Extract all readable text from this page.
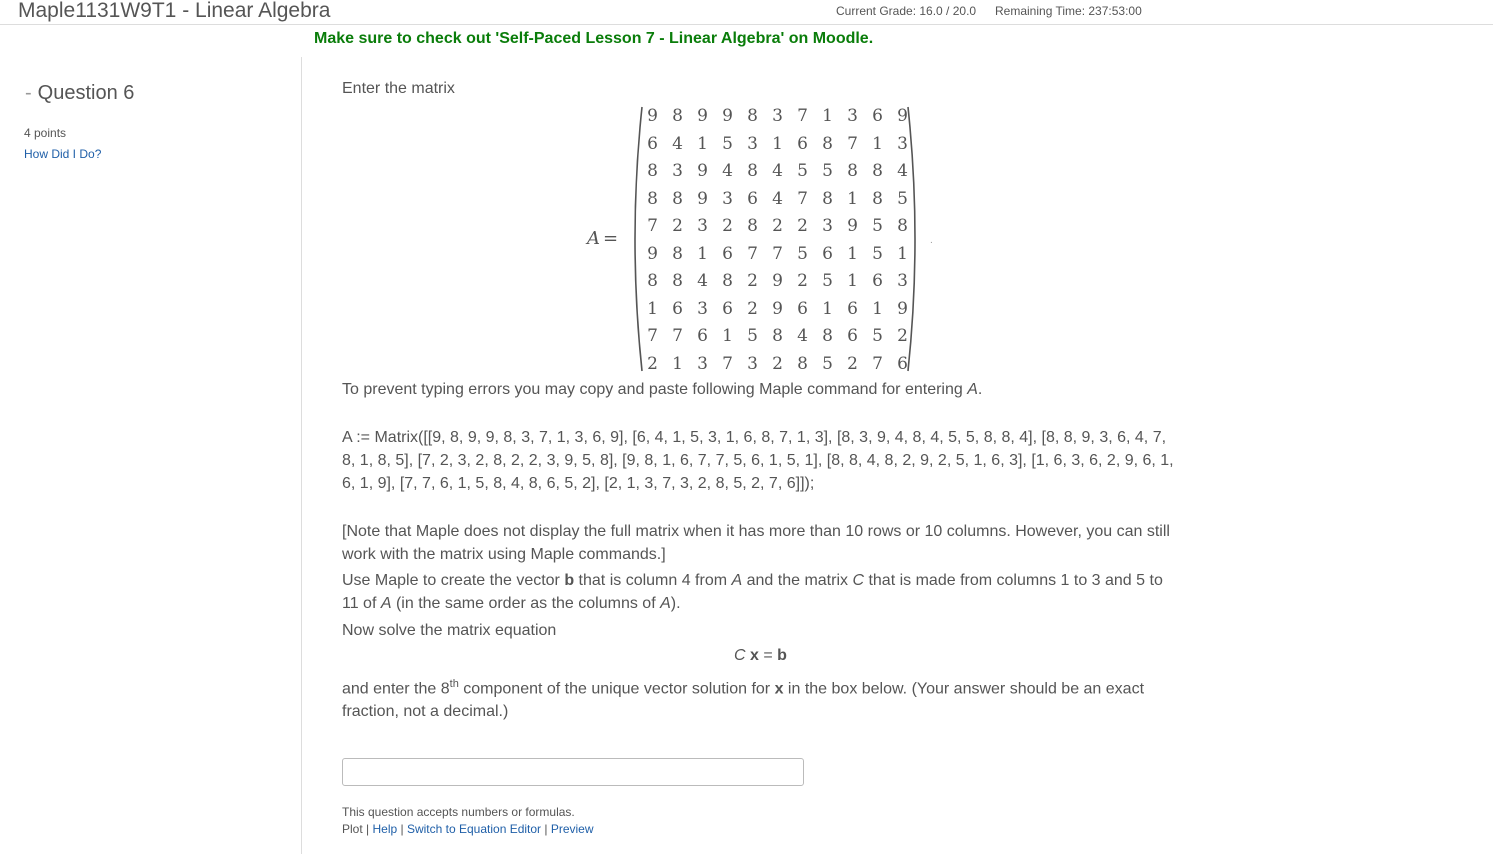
Maple1131W9T1 - Linear Algebra	Current Grade: 16.0 / 20.0 Remaining Time: 237:53:00
Make sure to check out 'Self-Paced Lesson 7 - Linear Algebra' on Moodle.
- Question 6
4 points
How Did I Do?
Enter the matrix
A =
9 8 9 9 8 3 7 1 3 6 9
6 4 1 5 3 1 6 8 7 1 3
8 3 9 4 8 4 5 5 8 8 4
8 8 9 3 6 4 7 8 1 8 5
7 2 3 2 8 2 2 3 9 5 8
9 8 1 6 7 7 5 6 1 5 1
8 8 4 8 2 9 2 5 1 6 3
1 6 3 6 2 9 6 1 6 1 9
7 7 6 1 5 8 4 8 6 5 2
2 1 3 7 3 2 8 5 2 7 6
.
To prevent typing errors you may copy and paste following Maple command for entering A.
A := Matrix([[9, 8, 9, 9, 8, 3, 7, 1, 3, 6, 9], [6, 4, 1, 5, 3, 1, 6, 8, 7, 1, 3], [8, 3, 9, 4, 8, 4, 5, 5, 8, 8, 4], [8, 8, 9, 3, 6, 4, 7, 8, 1, 8, 5], [7, 2, 3, 2, 8, 2, 2, 3, 9, 5, 8], [9, 8, 1, 6, 7, 7, 5, 6, 1, 5, 1], [8, 8, 4, 8, 2, 9, 2, 5, 1, 6, 3], [1, 6, 3, 6, 2, 9, 6, 1, 6, 1, 9], [7, 7, 6, 1, 5, 8, 4, 8, 6, 5, 2], [2, 1, 3, 7, 3, 2, 8, 5, 2, 7, 6]]);
[Note that Maple does not display the full matrix when it has more than 10 rows or 10 columns. However, you can still work with the matrix using Maple commands.]
Use Maple to create the vector b that is column 4 from A and the matrix C that is made from columns 1 to 3 and 5 to 11 of A (in the same order as the columns of A).
Now solve the matrix equation
C x = b
and enter the 8th component of the unique vector solution for x in the box below. (Your answer should be an exact fraction, not a decimal.)
This question accepts numbers or formulas.
Plot | Help | Switch to Equation Editor | Preview
